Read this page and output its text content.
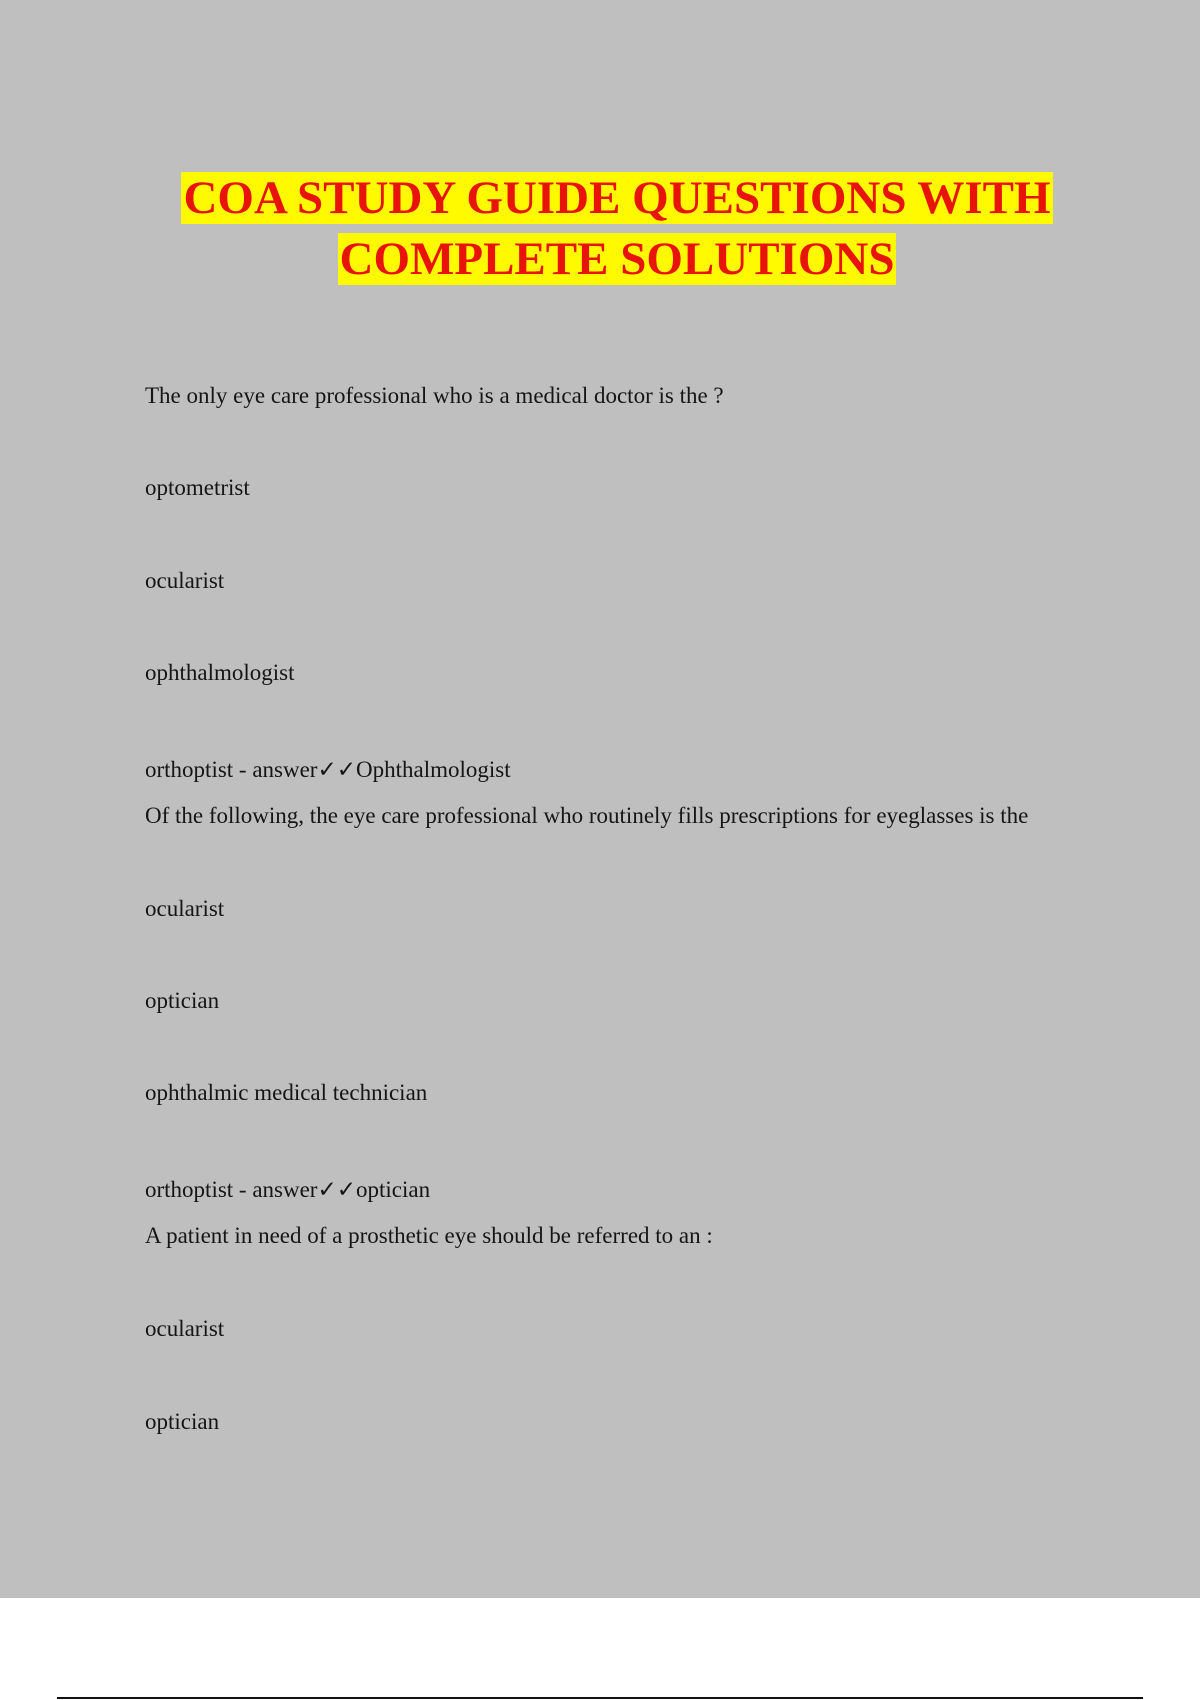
COA STUDY GUIDE QUESTIONS WITH
COMPLETE SOLUTIONS
The only eye care professional who is a medical doctor is the ?
optometrist
ocularist
ophthalmologist
orthoptist - answer✓✓Ophthalmologist
Of the following, the eye care professional who routinely fills prescriptions for eyeglasses is the
ocularist
optician
ophthalmic medical technician
orthoptist - answer✓✓optician
A patient in need of a prosthetic eye should be referred to an :
ocularist
optician
